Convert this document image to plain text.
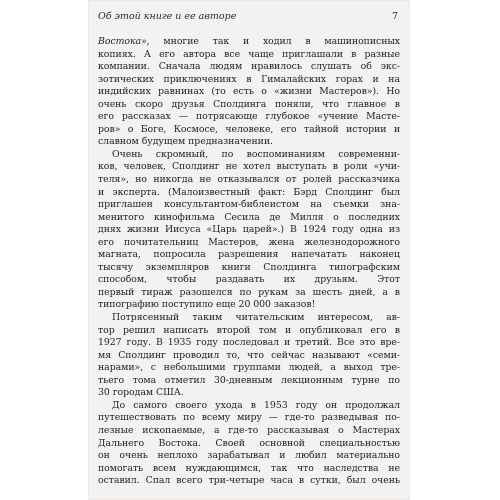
Об этой книге и ее авторе	7

Востока», многие так и ходил в машинописных

копиях. А его автора все чаще приглашали в разные

компании. Сначала людям нравилось слушать об экс-

зотических приключениях в Гималайских горах и на

индийских равнинах (то есть о «жизни Мастеров»). Но

очень скоро друзья Сполдинга поняли, что главное в

его рассказах — потрясающе глубокое «учение Масте-

ров» о Боге, Космосе, человеке, его тайной истории и

славном будущем предназначении.

Очень скромный, по воспоминаниям современни-

ков, человек, Сполдинг не хотел выступать в роли «учи-

теля», но никогда не отказывался от ролей рассказчика

и эксперта. (Малоизвестный факт: Бэрд Сполдинг был

приглашен консультантом-библеистом на съемки зна-

менитого кинофильма Сесила де Милля о последних

днях жизни Иисуса «Царь царей».) В 1924 году одна из

его почитательниц Мастеров, жена железнодорожного

магната, попросила разрешения напечатать наконец

тысячу экземпляров книги Сполдинга типографским

способом, чтобы раздавать их друзьям. Этот

первый тираж разошелся по рукам за шесть дней, а в

типографию поступило еще 20 000 заказов!

Потрясенный таким читательским интересом, ав-

тор решил написать второй том и опубликовал его в

1927 году. В 1935 году последовал и третий. Все это вре-

мя Сполдинг проводил то, что сейчас называют «семи-

нарами», с небольшими группами людей, а выход тре-

тьего тома отметил 30-дневным лекционным турне по

30 городам США.

До самого своего ухода в 1953 году он продолжал

путешествовать по всему миру — где-то разведывая по-

лезные ископаемые, а где-то рассказывая о Мастерах

Дальнего Востока. Своей основной специальностью

он очень неплохо зарабатывал и любил материально

помогать всем нуждающимся, так что наследства не

оставил. Спал всего три-четыре часа в сутки, был очень
